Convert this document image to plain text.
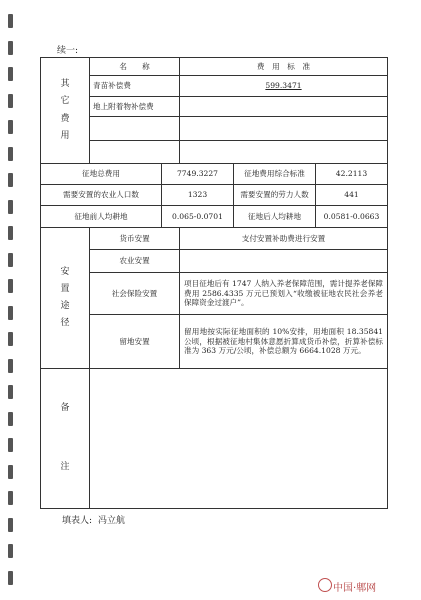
续一:
其
它
费
用	名　　称		费　用　标　准		
	青苗补偿费		599.3471		
	地上附着物补偿费				

征地总费用		7749.3227		征地费用综合标准	42.2113
需要安置的农业人口数		1323		需要安置的劳力人数	441
征地前人均耕地		0.065-0.0701		征地后人均耕地	0.0581-0.0663
安
置
途
径	货币安置		支付安置补助费进行安置		
	农业安置				
	社会保险安置		项目征地后有 1747 人纳入养老保障范围，需计提养老保障费用 2586.4335 万元已预划入“收缴被征地农民社会养老保障资金过渡户”。		
	留地安置		留用地按实际征地面积的 10%安排，用地面积 18.35841 公顷，根据被征地村集体意愿折算成货币补偿，折算补偿标准为 363 万元/公顷，补偿总额为 6664.1028 万元。		
备

注					
填表人: 冯立航
中国·郫网
